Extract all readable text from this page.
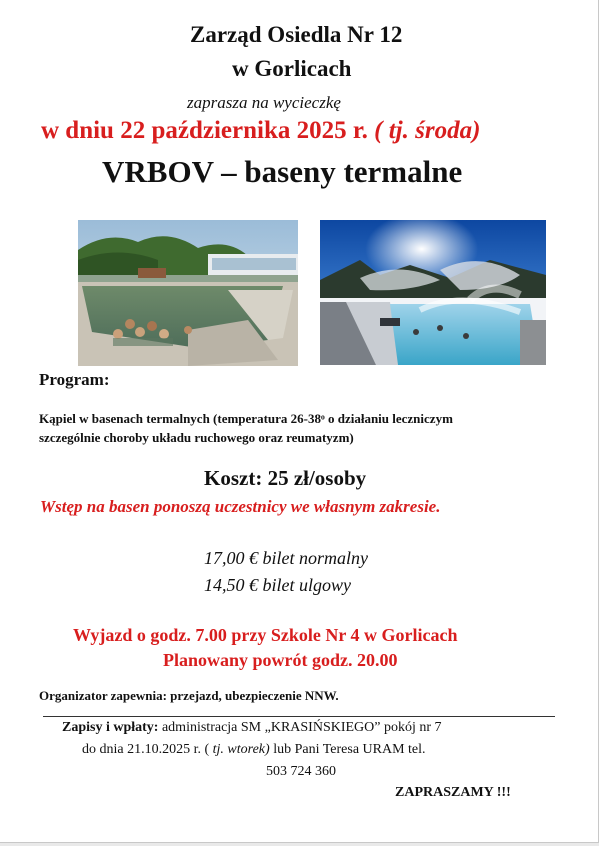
Zarząd Osiedla Nr 12
w Gorlicach
zaprasza na wycieczkę
w dniu 22 października 2025 r. ( tj. środa)
VRBOV – baseny termalne
Program:
Kąpiel w basenach termalnych (temperatura 26-38ᵒ o działaniu leczniczym
szczególnie choroby układu ruchowego oraz reumatyzm)
Koszt: 25 zł/osoby
Wstęp na basen ponoszą uczestnicy we własnym zakresie.
17,00 € bilet normalny
14,50 € bilet ulgowy
Wyjazd o godz. 7.00 przy Szkole Nr 4 w Gorlicach
Planowany powrót godz. 20.00
Organizator zapewnia: przejazd, ubezpieczenie NNW.
Zapisy i wpłaty: administracja SM „KRASIŃSKIEGO” pokój nr 7
do dnia 21.10.2025 r. ( tj. wtorek) lub Pani Teresa URAM tel.
503 724 360
ZAPRASZAMY !!!
